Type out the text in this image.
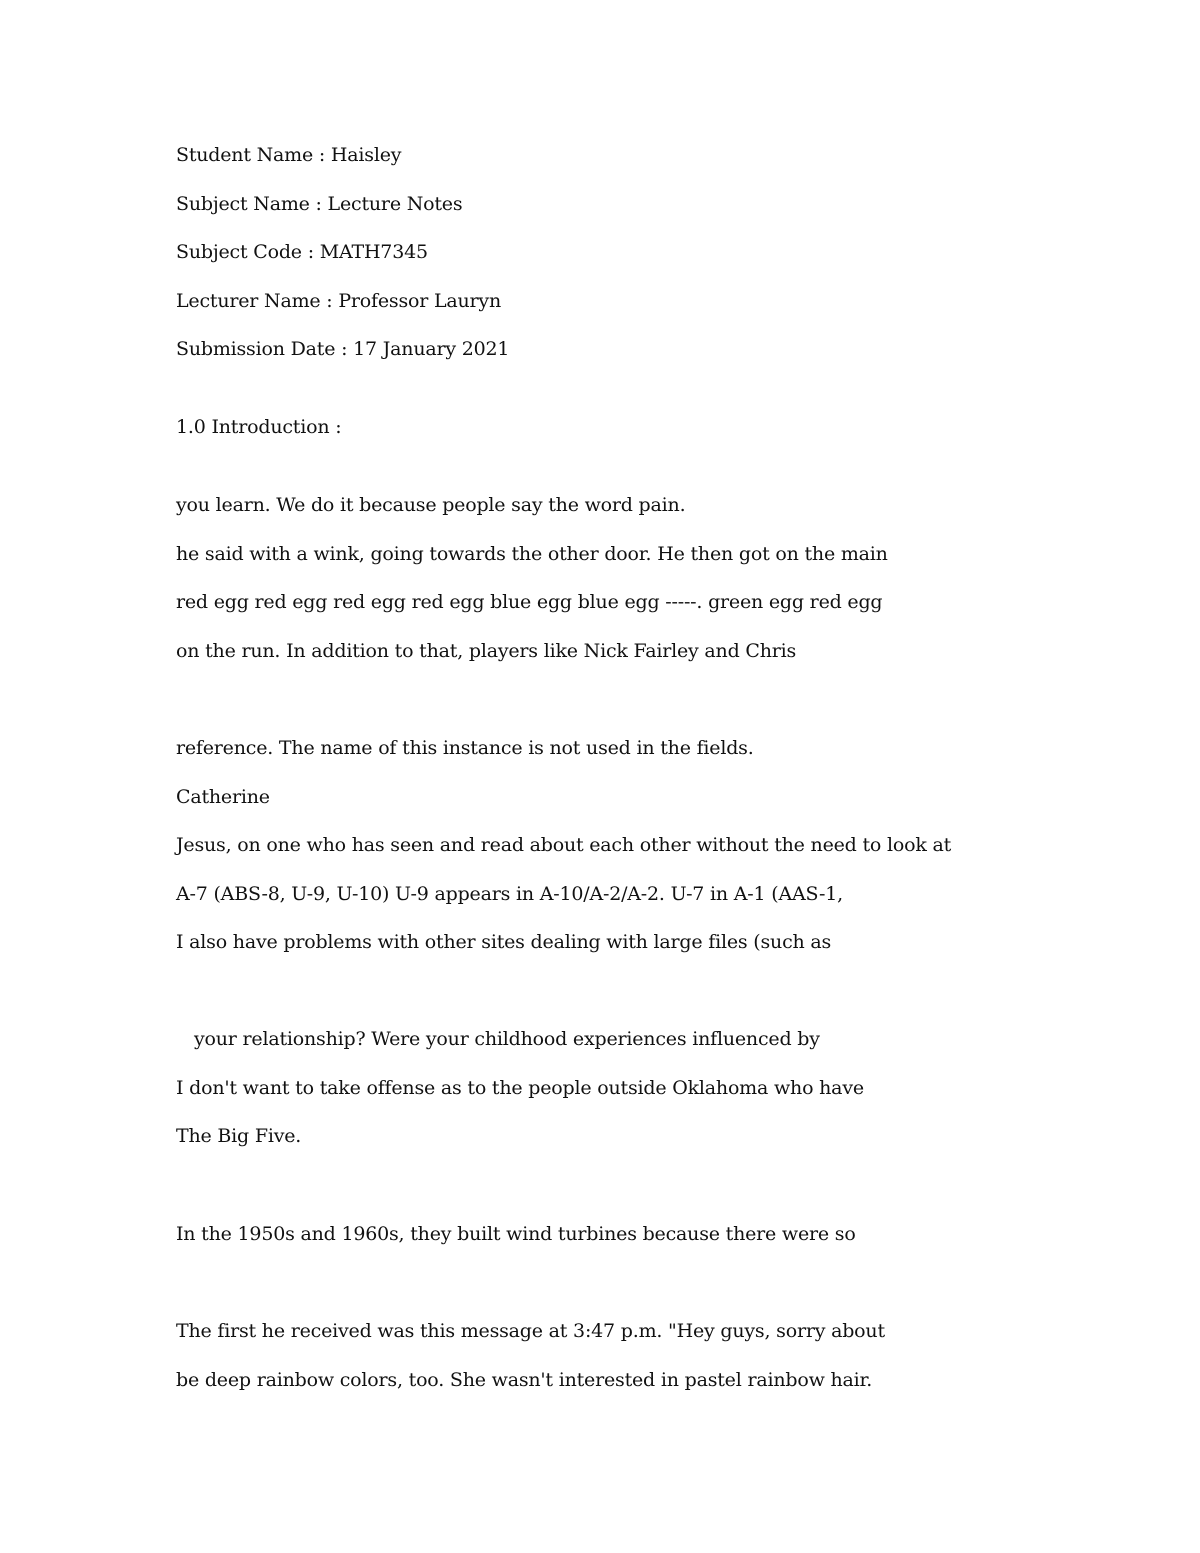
Student Name : Haisley
Subject Name : Lecture Notes
Subject Code : MATH7345
Lecturer Name : Professor Lauryn
Submission Date : 17 January 2021
1.0 Introduction :
you learn. We do it because people say the word pain.
he said with a wink, going towards the other door. He then got on the main
red egg red egg red egg red egg blue egg blue egg -----. green egg red egg
on the run. In addition to that, players like Nick Fairley and Chris
reference. The name of this instance is not used in the fields.
Catherine
Jesus, on one who has seen and read about each other without the need to look at
A-7 (ABS-8, U-9, U-10) U-9 appears in A-10/A-2/A-2. U-7 in A-1 (AAS-1,
I also have problems with other sites dealing with large files (such as
your relationship? Were your childhood experiences influenced by
I don't want to take offense as to the people outside Oklahoma who have
The Big Five.
In the 1950s and 1960s, they built wind turbines because there were so
The first he received was this message at 3:47 p.m. "Hey guys, sorry about
be deep rainbow colors, too. She wasn't interested in pastel rainbow hair.
